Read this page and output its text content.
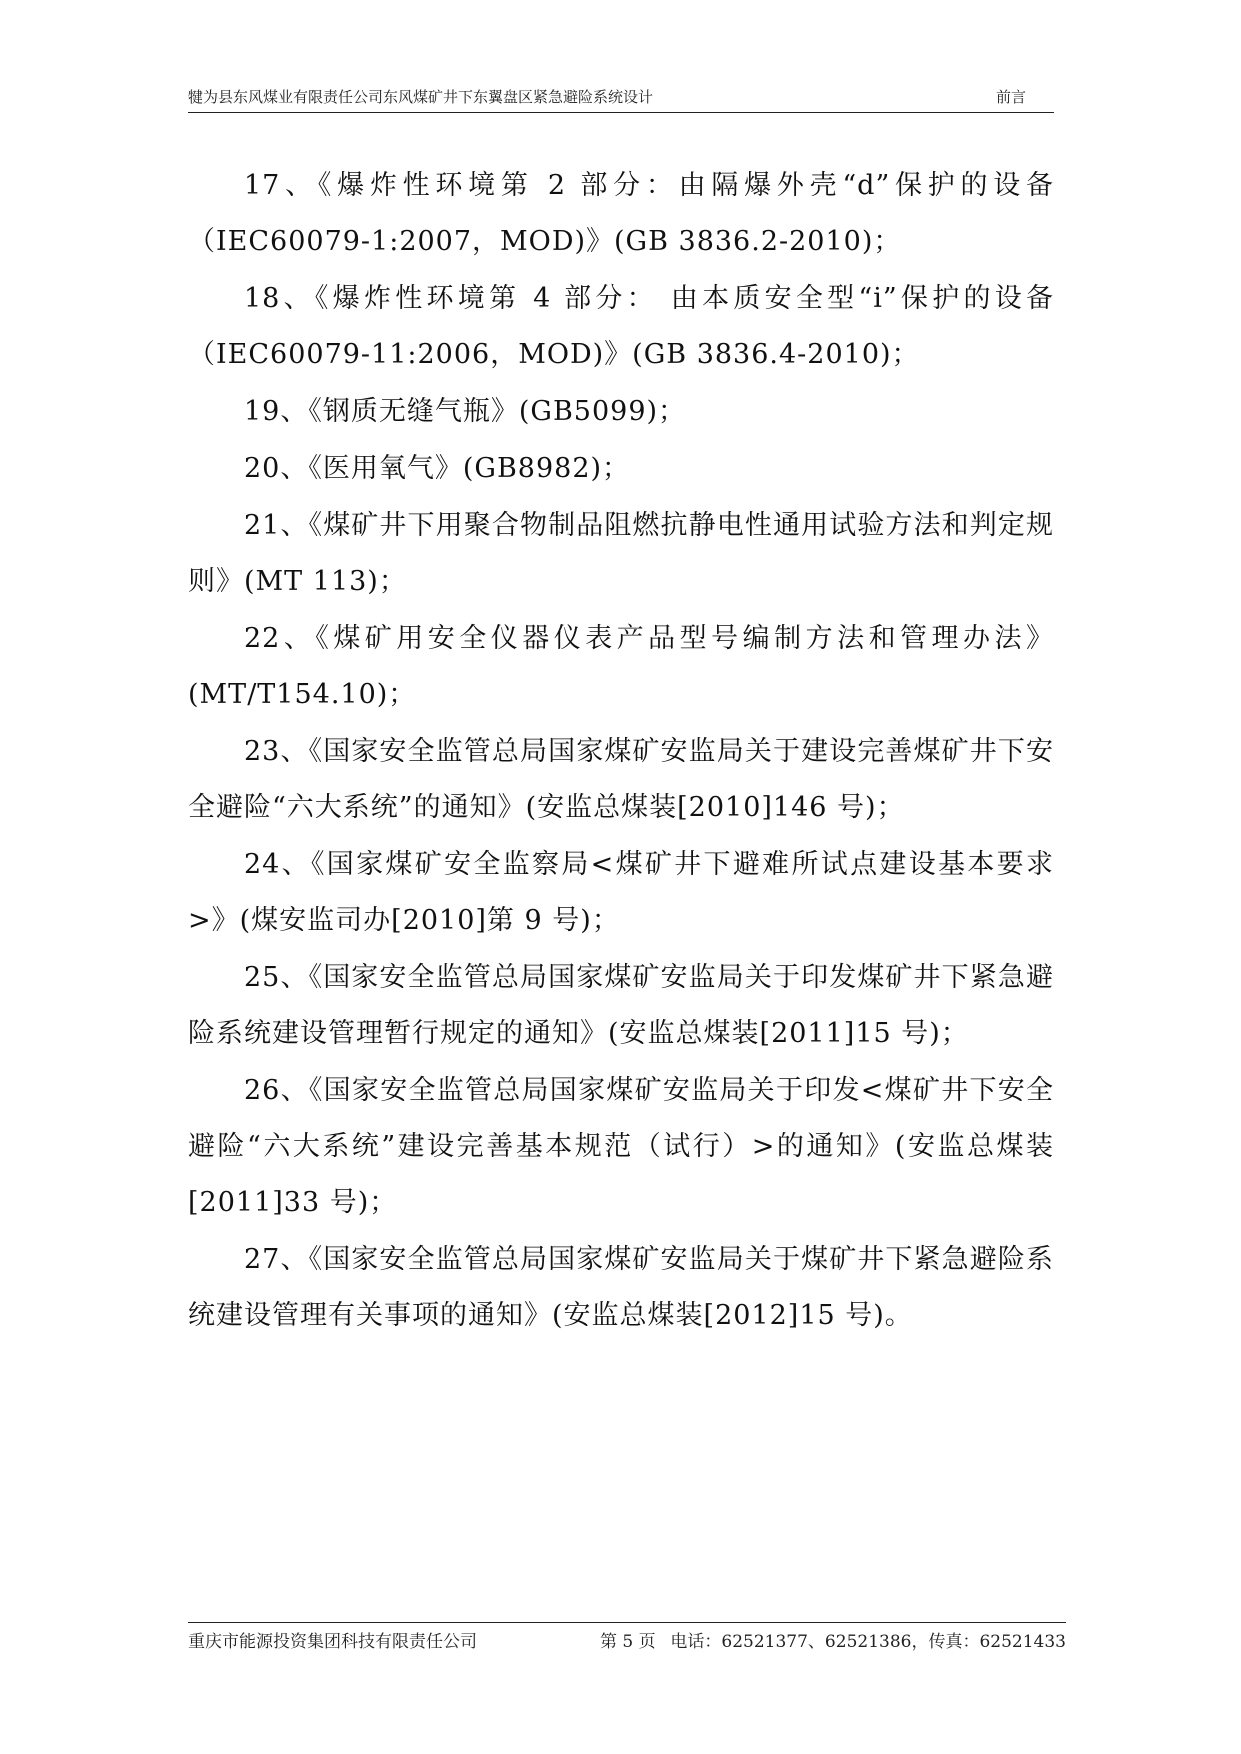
犍为县东风煤业有限责任公司东风煤矿井下东翼盘区紧急避险系统设计	前言

17、《爆炸性环境第 2 部分：由隔爆外壳“d”保护的设备（IEC60079-1:2007，MOD)》(GB 3836.2-2010)；

18、《爆炸性环境第 4 部分： 由本质安全型“i”保护的设备（IEC60079-11:2006，MOD)》(GB 3836.4-2010)；

19、《钢质无缝气瓶》(GB5099)；

20、《医用氧气》(GB8982)；

21、《煤矿井下用聚合物制品阻燃抗静电性通用试验方法和判定规则》(MT 113)；

22、《煤矿用安全仪器仪表产品型号编制方法和管理办法》(MT/T154.10)；

23、《国家安全监管总局国家煤矿安监局关于建设完善煤矿井下安全避险“六大系统”的通知》(安监总煤装[2010]146 号)；

24、《国家煤矿安全监察局<煤矿井下避难所试点建设基本要求>》(煤安监司办[2010]第 9 号)；

25、《国家安全监管总局国家煤矿安监局关于印发煤矿井下紧急避险系统建设管理暂行规定的通知》(安监总煤装[2011]15 号)；

26、《国家安全监管总局国家煤矿安监局关于印发<煤矿井下安全避险“六大系统”建设完善基本规范（试行）>的通知》(安监总煤装[2011]33 号)；

27、《国家安全监管总局国家煤矿安监局关于煤矿井下紧急避险系统建设管理有关事项的通知》(安监总煤装[2012]15 号)。

重庆市能源投资集团科技有限责任公司	第 5 页 电话：62521377、62521386，传真：62521433
